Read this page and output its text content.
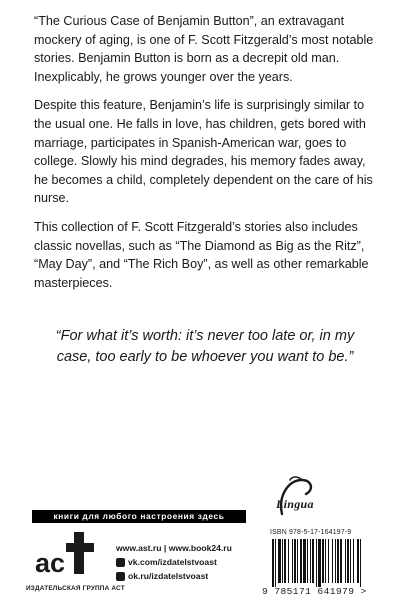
“The Curious Case of Benjamin Button”, an extravagant mockery of aging, is one of F. Scott Fitzgerald’s most notable stories. Benjamin Button is born as a decrepit old man. Inexplicably, he grows younger over the years.

Despite this feature, Benjamin’s life is surprisingly similar to the usual one. He falls in love, has children, gets bored with marriage, participates in Spanish-American war, goes to college. Slowly his mind degrades, his memory fades away, he becomes a child, completely dependent on the care of his nurse.

This collection of F. Scott Fitzgerald’s stories also includes classic novellas, such as “The Diamond as Big as the Ritz”, “May Day”, and “The Rich Boy”, as well as other remarkable masterpieces.

“For what it’s worth: it’s never too late or, in my case, too early to be whoever you want to be.”
книги для любого настроения здесь
ac
ИЗДАТЕЛЬСКАЯ ГРУППА АСТ
www.ast.ru | www.book24.ru
vk.com/izdatelstvoast
ok.ru/izdatelstvoast
Lingua
ISBN 978-5-17-164197-9
9 785171 641979 >
